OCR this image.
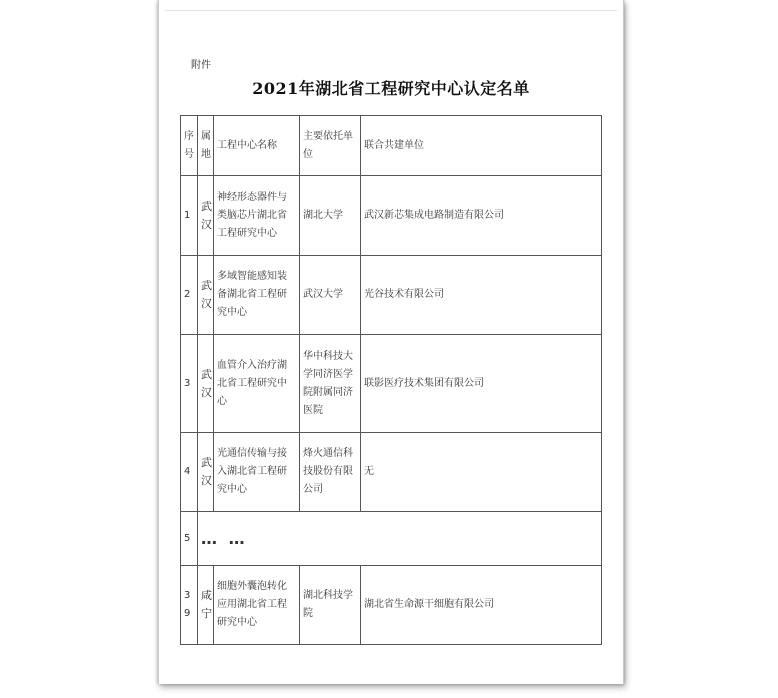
附件
2021年湖北省工程研究中心认定名单
序号	属地	工程中心名称	主要依托单位	联合共建单位
1	武汉	神经形态器件与类脑芯片湖北省工程研究中心	湖北大学	武汉新芯集成电路制造有限公司
2	武汉	多域智能感知装备湖北省工程研究中心	武汉大学	光谷技术有限公司
3	武汉	血管介入治疗湖北省工程研究中心	华中科技大学同济医学院附属同济医院	联影医疗技术集团有限公司
4	武汉	光通信传输与接入湖北省工程研究中心	烽火通信科技股份有限公司	无
5	… …			
39	咸宁	细胞外囊泡转化应用湖北省工程研究中心	湖北科技学院	湖北省生命源干细胞有限公司
